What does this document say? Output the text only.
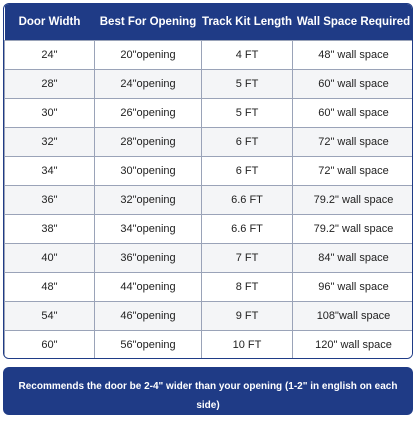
Door Width	Best For Opening	Track Kit Length	Wall Space Required
24"	20"opening	4 FT	48" wall space
28"	24"opening	5 FT	60" wall space
30"	26"opening	5 FT	60" wall space
32"	28"opening	6 FT	72" wall space
34"	30"opening	6 FT	72" wall space
36"	32"opening	6.6 FT	79.2" wall space
38"	34"opening	6.6 FT	79.2" wall space
40"	36"opening	7 FT	84" wall space
48"	44"opening	8 FT	96" wall space
54"	46"opening	9 FT	108"wall space
60"	56"opening	10 FT	120" wall space
Recommends the door be 2-4" wider than your opening (1-2" in english on each side)
for proper coverage and smooth operation.
